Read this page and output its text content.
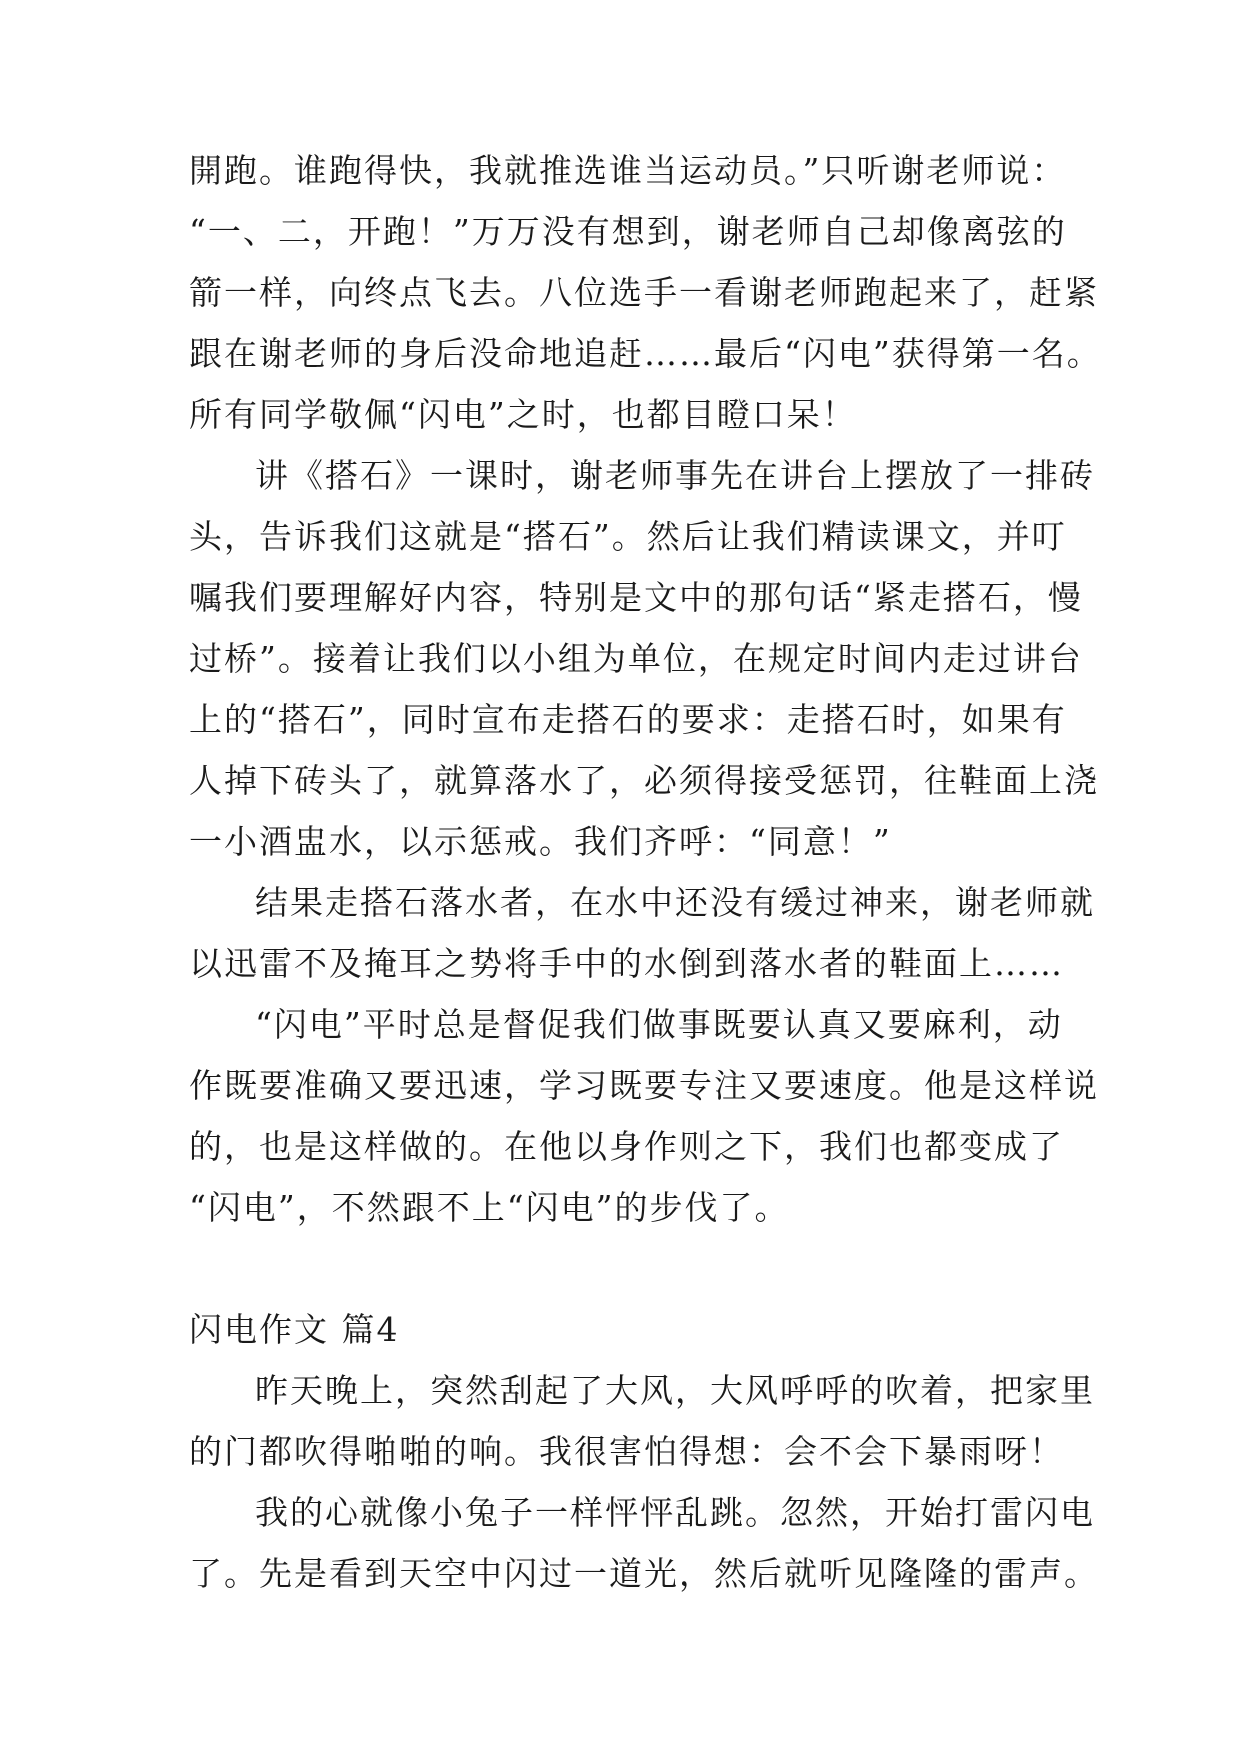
開跑。谁跑得快，我就推选谁当运动员。”只听谢老师说：
“一、二，开跑！”万万没有想到，谢老师自己却像离弦的
箭一样，向终点飞去。八位选手一看谢老师跑起来了，赶紧
跟在谢老师的身后没命地追赶……最后“闪电”获得第一名。
所有同学敬佩“闪电”之时，也都目瞪口呆！
讲《搭石》一课时，谢老师事先在讲台上摆放了一排砖
头，告诉我们这就是“搭石”。然后让我们精读课文，并叮
嘱我们要理解好内容，特别是文中的那句话“紧走搭石，慢
过桥”。接着让我们以小组为单位，在规定时间内走过讲台
上的“搭石”，同时宣布走搭石的要求：走搭石时，如果有
人掉下砖头了，就算落水了，必须得接受惩罚，往鞋面上浇
一小酒盅水，以示惩戒。我们齐呼：“同意！”
结果走搭石落水者，在水中还没有缓过神来，谢老师就
以迅雷不及掩耳之势将手中的水倒到落水者的鞋面上……
“闪电”平时总是督促我们做事既要认真又要麻利，动
作既要准确又要迅速，学习既要专注又要速度。他是这样说
的，也是这样做的。在他以身作则之下，我们也都变成了
“闪电”，不然跟不上“闪电”的步伐了。
闪电作文 篇4
昨天晚上，突然刮起了大风，大风呼呼的吹着，把家里
的门都吹得啪啪的响。我很害怕得想：会不会下暴雨呀！
我的心就像小兔子一样怦怦乱跳。忽然，开始打雷闪电
了。先是看到天空中闪过一道光，然后就听见隆隆的雷声。
